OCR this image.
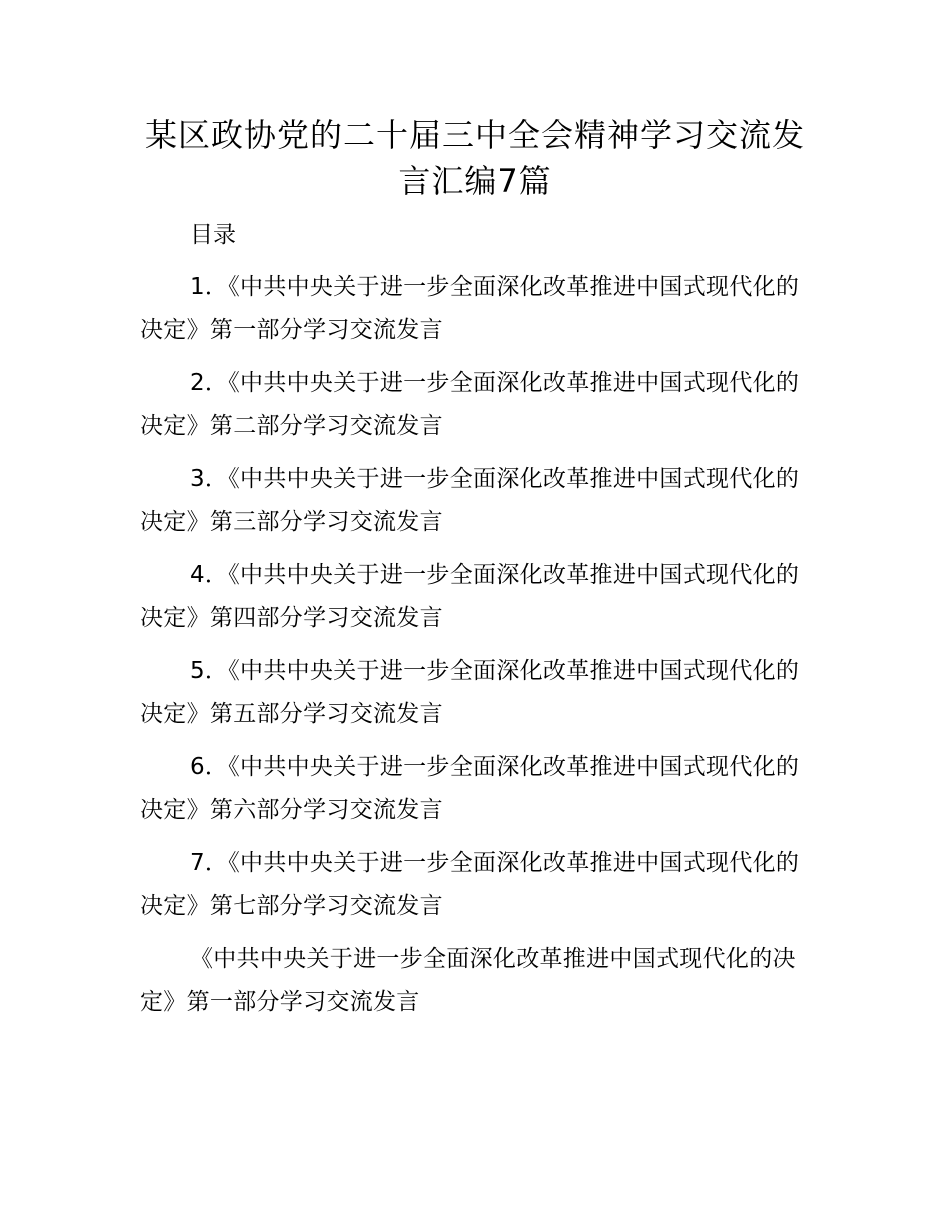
某区政协党的二十届三中全会精神学习交流发言汇编7篇

目录

1．《中共中央关于进一步全面深化改革推进中国式现代化的决定》第一部分学习交流发言

2．《中共中央关于进一步全面深化改革推进中国式现代化的决定》第二部分学习交流发言

3．《中共中央关于进一步全面深化改革推进中国式现代化的决定》第三部分学习交流发言

4．《中共中央关于进一步全面深化改革推进中国式现代化的决定》第四部分学习交流发言

5．《中共中央关于进一步全面深化改革推进中国式现代化的决定》第五部分学习交流发言

6．《中共中央关于进一步全面深化改革推进中国式现代化的决定》第六部分学习交流发言

7．《中共中央关于进一步全面深化改革推进中国式现代化的决定》第七部分学习交流发言

《中共中央关于进一步全面深化改革推进中国式现代化的决定》第一部分学习交流发言
